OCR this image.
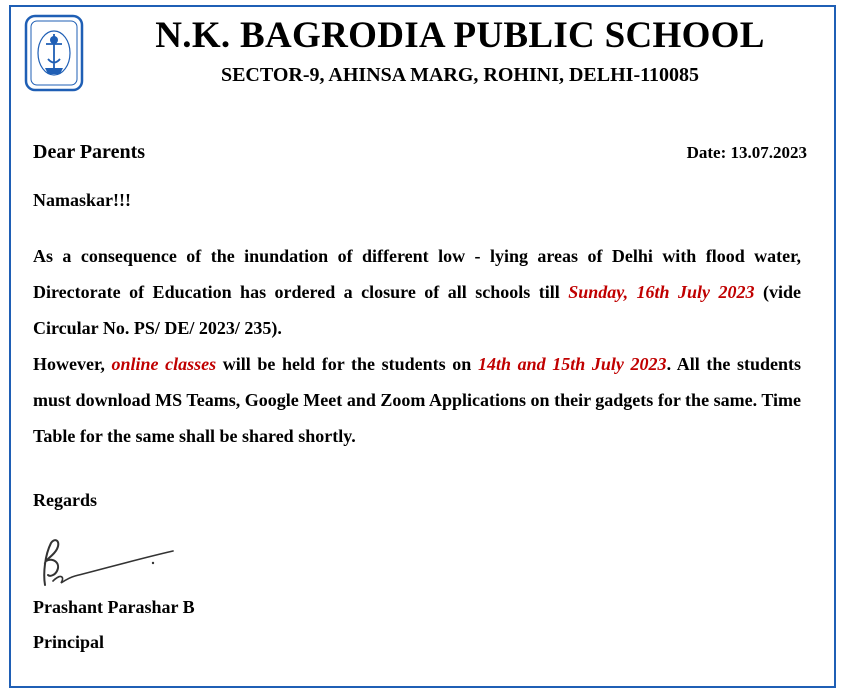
N.K. BAGRODIA PUBLIC SCHOOL
SECTOR-9, AHINSA MARG, ROHINI, DELHI-110085
Dear Parents	Date: 13.07.2023
Namaskar!!!

As a consequence of the inundation of different low - lying areas of Delhi with flood water, Directorate of Education has ordered a closure of all schools till Sunday, 16th July 2023 (vide Circular No. PS/ DE/ 2023/ 235).

However, online classes will be held for the students on 14th and 15th July 2023. All the students must download MS Teams, Google Meet and Zoom Applications on their gadgets for the same. Time Table for the same shall be shared shortly.

Regards
Prashant Parashar B
Principal
